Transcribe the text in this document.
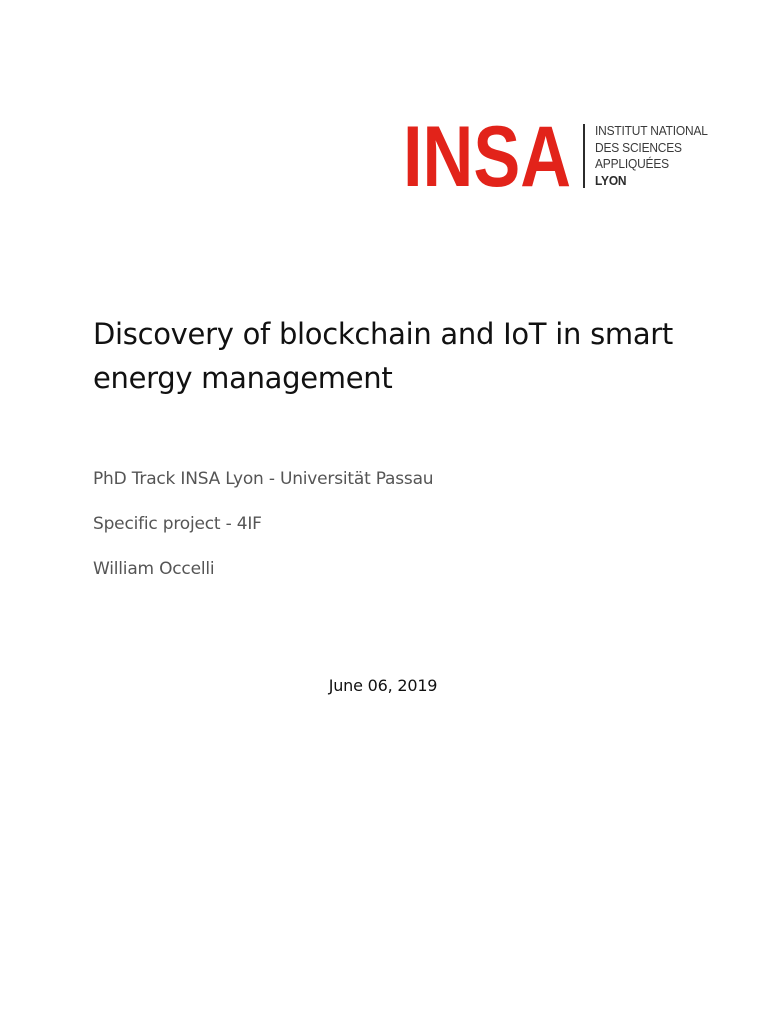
INSA INSTITUT NATIONAL
DES SCIENCES
APPLIQUÉES
LYON
Discovery of blockchain and IoT in smart energy management

PhD Track INSA Lyon - Universität Passau

Specific project - 4IF

William Occelli

June 06, 2019
